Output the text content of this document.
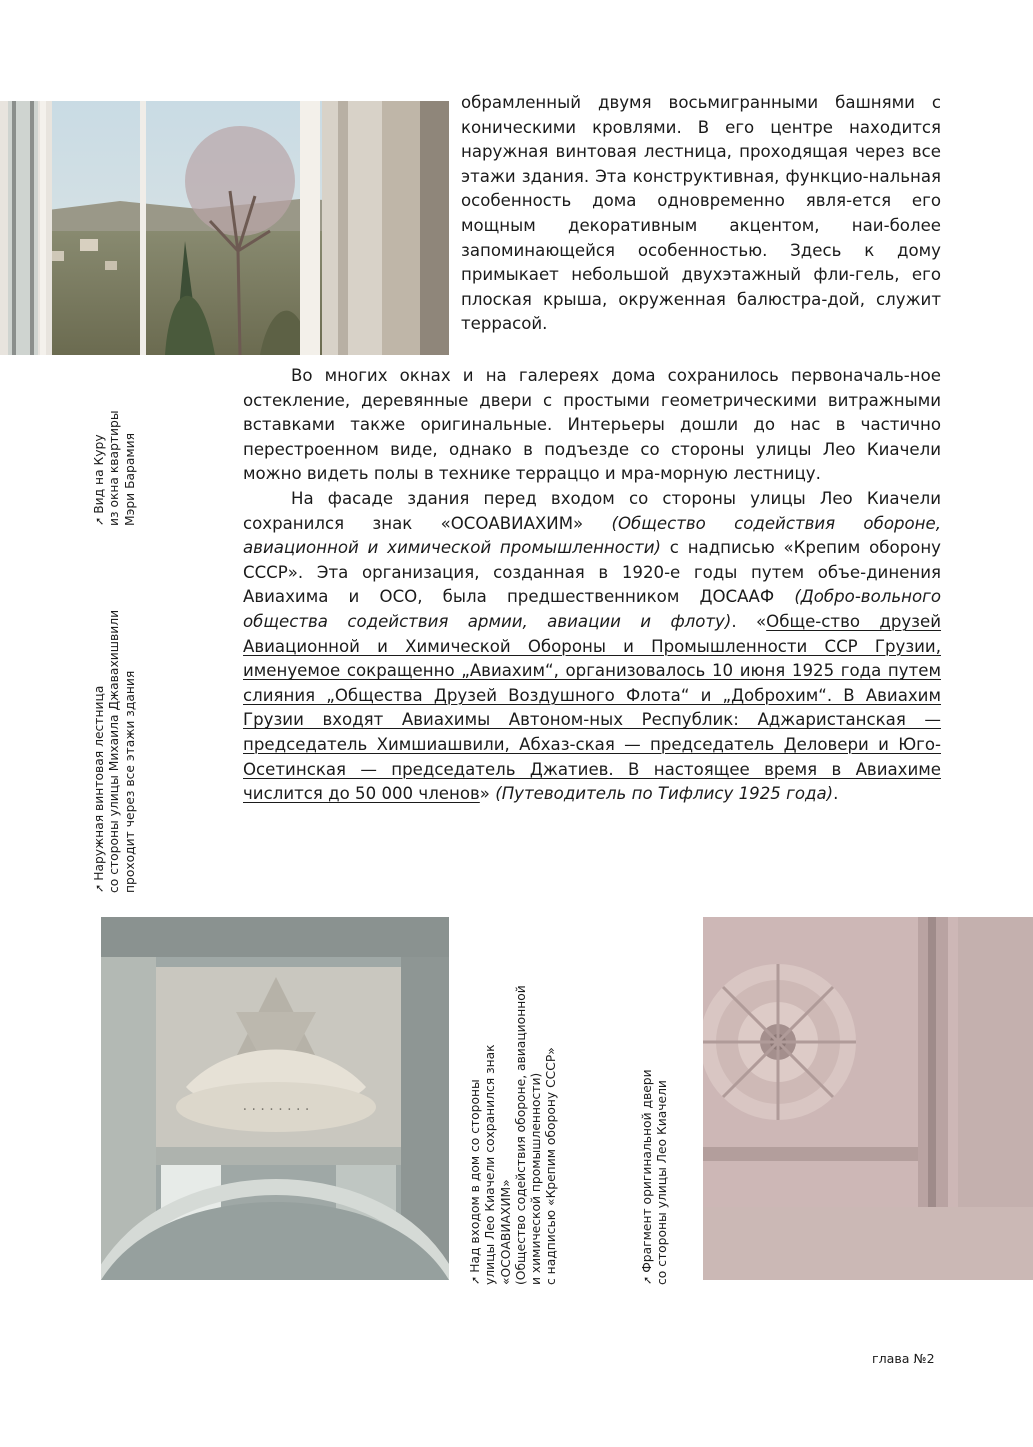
· · · · · · · ·

обрамленный двумя восьмигранными башнями с коническими кровлями. В его центре находится наружная винтовая лестница, проходящая через все этажи здания. Эта конструктивная, функцио-нальная особенность дома одновременно явля-ется его мощным декоративным акцентом, наи-более запоминающейся особенностью. Здесь к дому примыкает небольшой двухэтажный фли-гель, его плоская крыша, окруженная балюстра-дой, служит террасой.

Во многих окнах и на галереях дома сохранилось первоначаль-ное остекление, деревянные двери с простыми геометрическими витражными вставками также оригинальные. Интерьеры дошли до нас в частично перестроенном виде, однако в подъезде со стороны улицы Лео Киачели можно видеть полы в технике терраццо и мра-морную лестницу.

На фасаде здания перед входом со стороны улицы Лео Киачели сохранился знак «ОСОАВИАХИМ» (Общество содействия обороне, авиационной и химической промышленности) с надписью «Крепим оборону СССР». Эта организация, созданная в 1920-е годы путем объе-динения Авиахима и ОСО, была предшественником ДОСААФ (Добро-вольного общества содействия армии, авиации и флоту). «Обще-ство друзей Авиационной и Химической Обороны и Промышленности ССР Грузии, именуемое сокращенно „Авиахим“, организовалось 10 июня 1925 года путем слияния „Общества Друзей Воздушного Флота“ и „Доброхим“. В Авиахим Грузии входят Авиахимы Автоном-ных Республик: Аджаристанская — председатель Химшиашвили, Абхаз-ская — председатель Деловери и Юго-Осетинская — председатель Джатиев. В настоящее время в Авиахиме числится до 50 000 членов» (Путеводитель по Тифлису 1925 года).

➚Вид на Куру из окна квартиры Мэри Барамия
➚Наружная винтовая лестница со стороны улицы Михаила Джавахишвили проходит через все этажи здания
➚Над входом в дом со стороны улицы Лео Киачели сохранился знак «ОСОАВИАХИМ» (Общество содействия обороне, авиационной и химической промышленности) с надписью «Крепим оборону СССР»	➚Фрагмент оригинальной двери со стороны улицы Лео Киачели
глава №2
